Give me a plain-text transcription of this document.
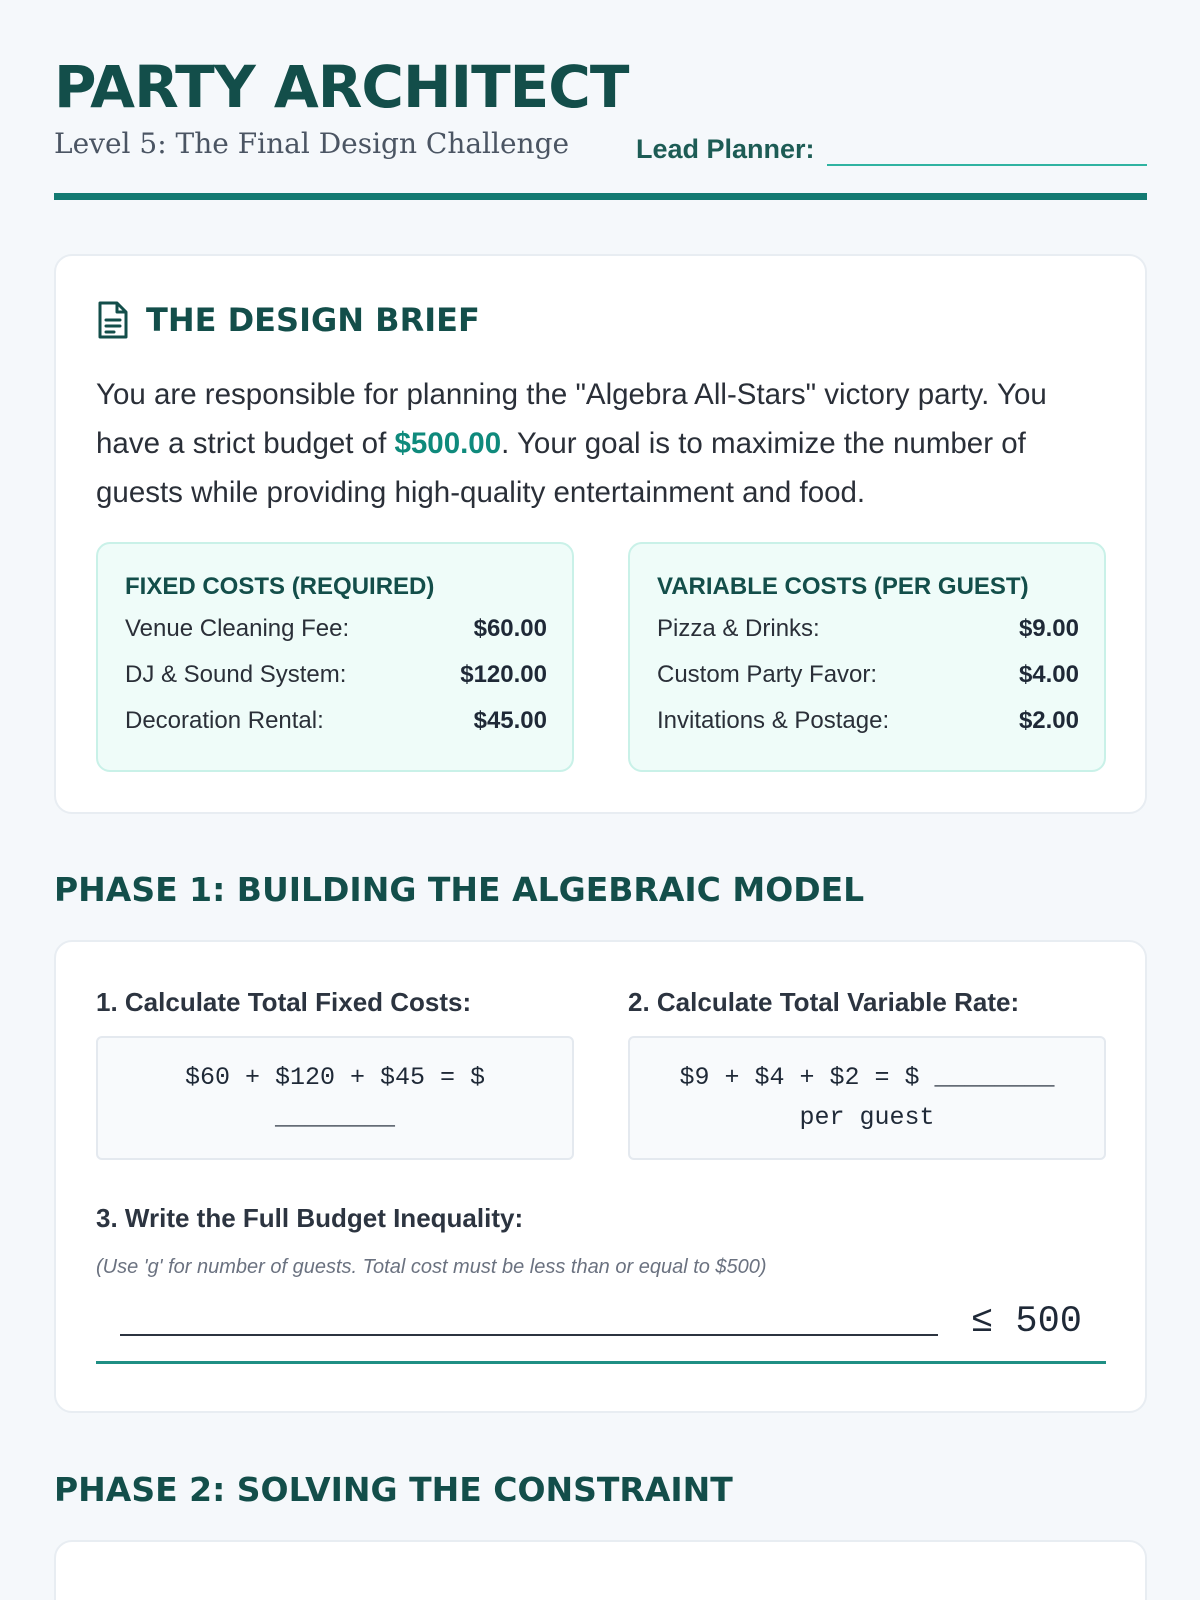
PARTY ARCHITECT
Level 5: The Final Design Challenge Lead Planner:
THE DESIGN BRIEF
You are responsible for planning the "Algebra All-Stars" victory party. You have a strict budget of $500.00. Your goal is to maximize the number of guests while providing high-quality entertainment and food.
FIXED COSTS (REQUIRED)
Venue Cleaning Fee:	$60.00
DJ & Sound System:	$120.00
Decoration Rental:	$45.00
VARIABLE COSTS (PER GUEST)
Pizza & Drinks:	$9.00
Custom Party Favor:	$4.00
Invitations & Postage:	$2.00
PHASE 1: BUILDING THE ALGEBRAIC MODEL
1. Calculate Total Fixed Costs:	2. Calculate Total Variable Rate:
$60 + $120 + $45 = $ ________
$9 + $4 + $2 = $ ________ per guest
3. Write the Full Budget Inequality:
(Use 'g' for number of guests. Total cost must be less than or equal to $500)
≤ 500
PHASE 2: SOLVING THE CONSTRAINT
